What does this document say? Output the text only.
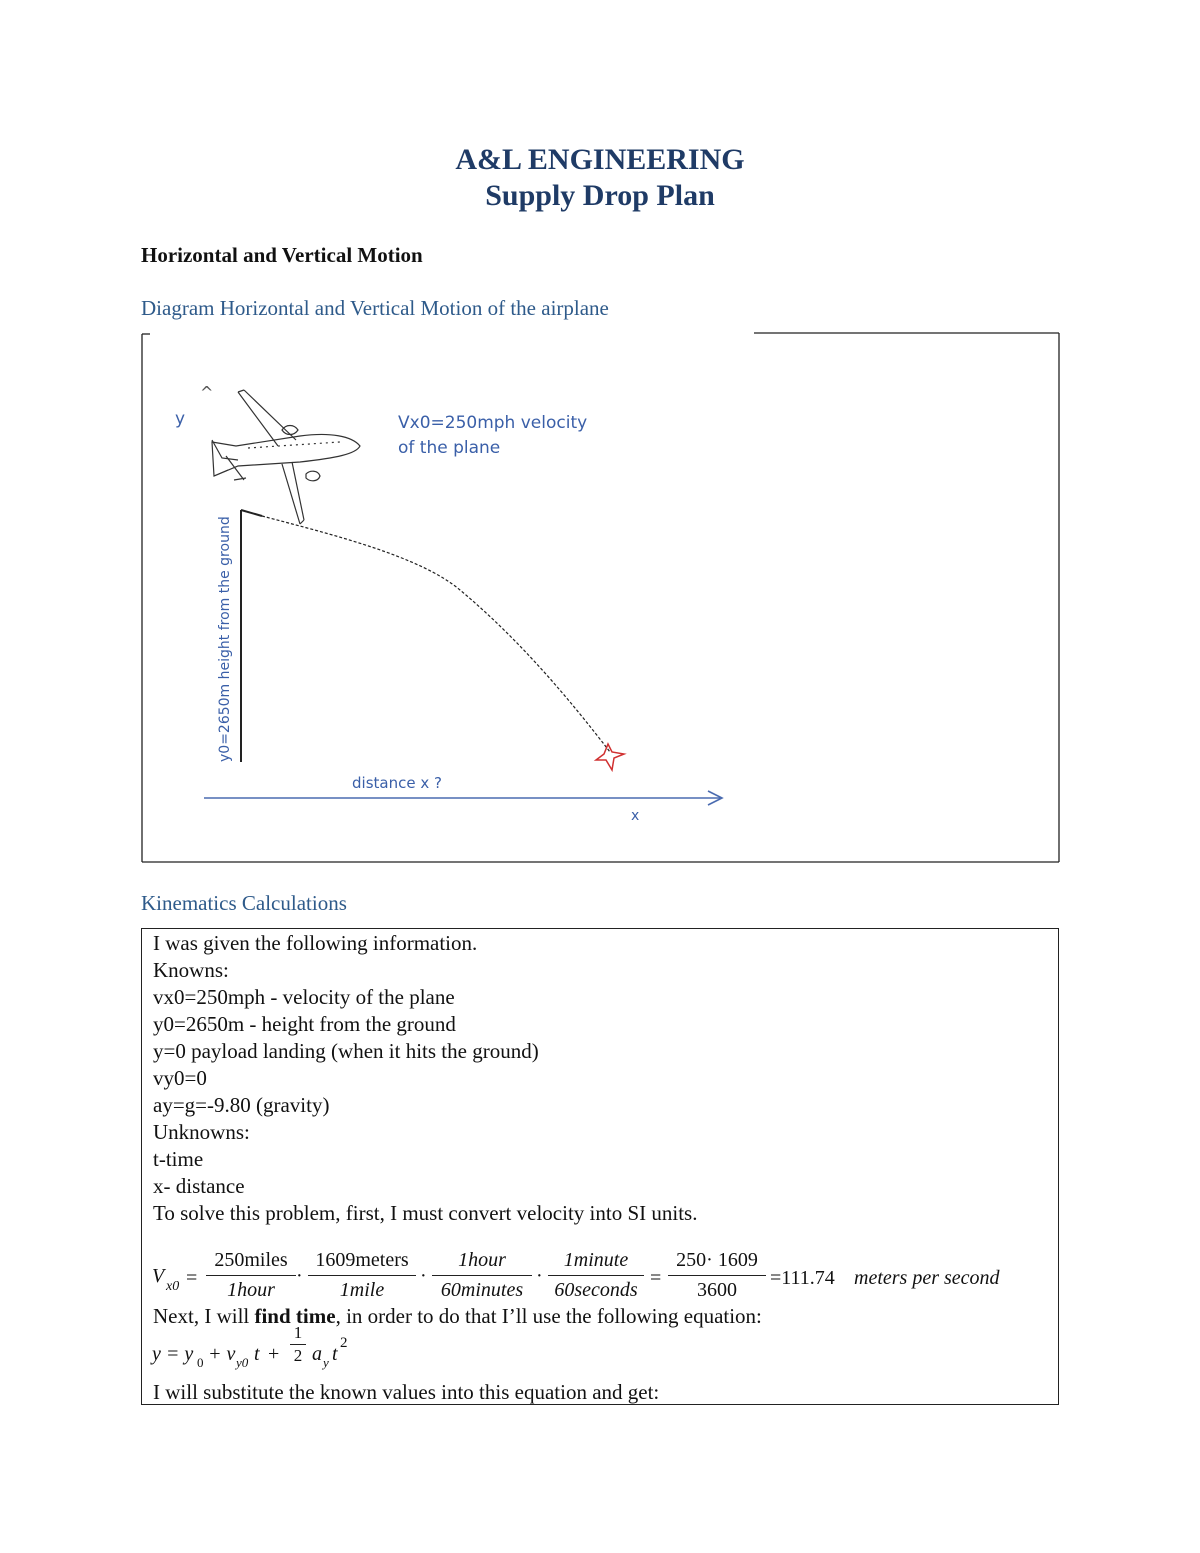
A&L ENGINEERING
Supply Drop Plan
Horizontal and Vertical Motion
Diagram Horizontal and Vertical Motion of the airplane
^
y	Vx0=250mph velocity
of the plane
y0=2650m height from the ground
distance x ?
x
Kinematics Calculations
I was given the following information.
Knowns:
vx0=250mph - velocity of the plane
y0=2650m - height from the ground
y=0 payload landing (when it hits the ground)
vy0=0
ay=g=-9.80 (gravity)
Unknowns:
t-time
x- distance
To solve this problem, first, I must convert velocity into SI units.
V x0 =
250miles
1hour
·
1609meters
1mile
·
1hour
60minutes
·
1minute
60seconds
= $\frac{250\cdot 1609}{3600} =111.74$ meters per second
Next, I will find time, in order to do that I’ll use the following equation:
y = y 0 + v y0 $t + \frac{1}{2}$ a y t 2
I will substitute the known values into this equation and get:
